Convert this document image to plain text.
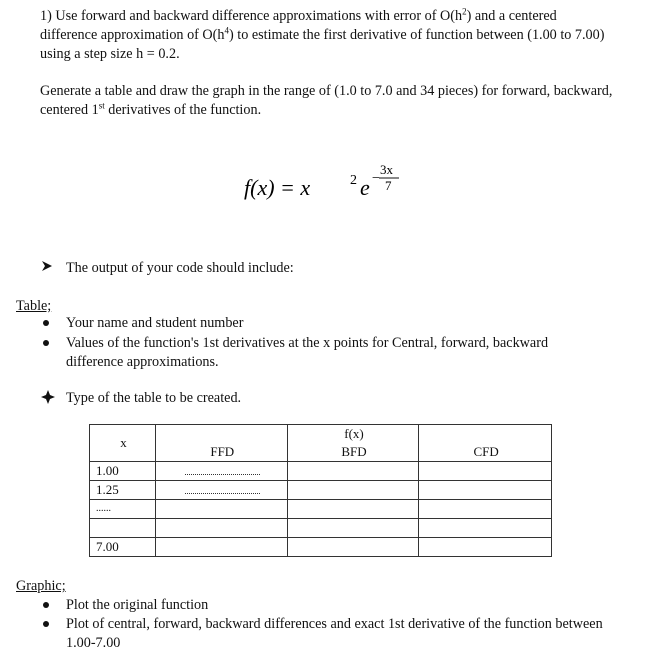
1) Use forward and backward difference approximations with error of $O(h^2)$ and a centered
difference approximation of $O(h^4)$ to estimate the first derivative of function between (1.00 to 7.00)
using a step size h = 0.2.
Generate a table and draw the graph in the range of (1.0 to 7.0 and 34 pieces) for forward, backward,
centered 1st derivatives of the function.
f(x) = x	2 e −
3x
7
The output of your code should include:
Table;
Your name and student number
Values of the function's 1st derivatives at the x points for Central, forward, backward
difference approximations.
Type of the table to be created.
x		f(x)	
	FFD	BFD	CFD
1.00			
1.25			
......			

7.00			
Graphic;
Plot the original function
Plot of central, forward, backward differences and exact 1st derivative of the function between
1.00-7.00
